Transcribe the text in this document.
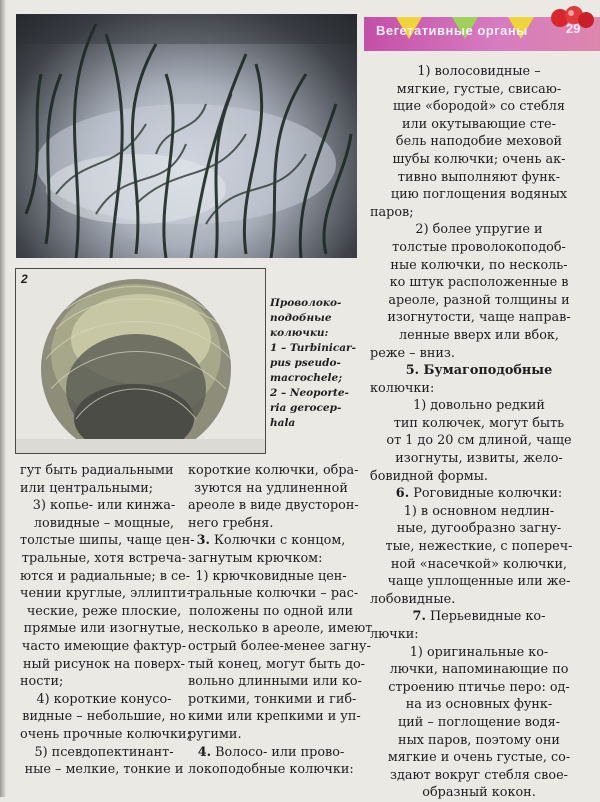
2
Проволоко-
подобные
колючки:
1 – Turbinicar-
pus pseudo-
macrochele;
2 – Neoporte-
ria gerocep-
hala
Вегетативные органы	29
1) волосовидные –
мягкие, густые, свисаю-
щие «бородой» со стебля
или окутывающие сте-
бель наподобие меховой
шубы колючки; очень ак-
тивно выполняют функ-
цию поглощения водяных
паров;
2) более упругие и
толстые проволокоподоб-
ные колючки, по несколь-
ко штук расположенные в
ареоле, разной толщины и
изогнутости, чаще направ-
ленные вверх или вбок,
реже – вниз.
5. Бумагоподобные
колючки:
1) довольно редкий
тип колючек, могут быть
от 1 до 20 см длиной, чаще
изогнуты, извиты, жело-
бовидной формы.
6. Роговидные колючки:
1) в основном недлин-
ные, дугообразно загну-
тые, нежесткие, с попереч-
ной «насечкой» колючки,
чаще уплощенные или же-
лобовидные.
7. Перьевидные ко-
лючки:
1) оригинальные ко-
лючки, напоминающие по
строению птичье перо: од-
на из основных функ-
ций – поглощение водя-
ных паров, поэтому они
мягкие и очень густые, со-
здают вокруг стебля свое-
образный кокон.
гут быть радиальными
или центральными;
3) копье- или кинжа-
ловидные – мощные,
толстые шипы, чаще цен-
тральные, хотя встреча-
ются и радиальные; в се-
чении круглые, эллипти-
ческие, реже плоские,
прямые или изогнутые,
часто имеющие фактур-
ный рисунок на поверх-
ности;
4) короткие конусо-
видные – небольшие, но
очень прочные колючки;
5) псевдопектинант-
ные – мелкие, тонкие и
короткие колючки, обра-
зуются на удлиненной
ареоле в виде двусторон-
него гребня.
3. Колючки с концом,
загнутым крючком:
1) крючковидные цен-
тральные колючки – рас-
положены по одной или
несколько в ареоле, имеют
острый более-менее загну-
тый конец, могут быть до-
вольно длинными или ко-
роткими, тонкими и гиб-
кими или крепкими и уп-
ругими.
4. Волосо- или прово-
локоподобные колючки:
